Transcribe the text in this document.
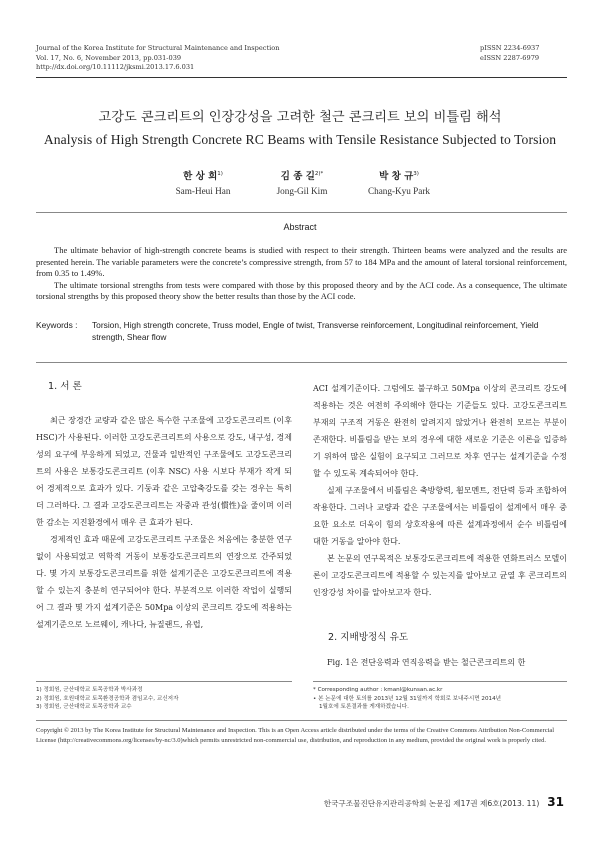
Journal of the Korea Institute for Structural Maintenance and Inspection
Vol. 17, No. 6, November 2013, pp.031-039
http://dx.doi.org/10.11112/jksmi.2013.17.6.031
pISSN 2234-6937
eISSN 2287-6979
고강도 콘크리트의 인장강성을 고려한 철근 콘크리트 보의 비틀림 해석
Analysis of High Strength Concrete RC Beams with Tensile Resistance Subjected to Torsion
한 상 희$^{1)}$
Sam-Heui Han
김 종 길$^{2)*}$
Jong-Gil Kim
박 창 규$^{3)}$
Chang-Kyu Park
Abstract

The ultimate behavior of high-strength concrete beams is studied with respect to their strength. Thirteen beams were analyzed and the results are presented herein. The variable parameters were the concrete’s compressive strength, from 57 to 184 MPa and the amount of lateral torsional reinforcement, from 0.35 to 1.49%.

The ultimate torsional strengths from tests were compared with those by this proposed theory and by the ACI code. As a consequence, The ultimate torsional strengths by this proposed theory show the better results than those by the ACI code.

Keywords :	Torsion, High strength concrete, Truss model, Engle of twist, Transverse reinforcement, Longitudinal reinforcement, Yield strength, Shear flow
1. 서 론

최근 장경간 교량과 같은 많은 특수한 구조물에 고강도콘크리트 (이후 HSC)가 사용된다. 이러한 고강도콘크리트의 사용으로 강도, 내구성, 경제성의 요구에 부응하게 되었고, 건물과 일반적인 구조물에도 고강도콘크리트의 사용은 보통강도콘크리트 (이후 NSC) 사용 시보다 부재가 작게 되어 경제적으로 효과가 있다. 기둥과 같은 고압축강도를 갖는 경우는 특히 더 그러하다. 그 결과 고강도콘크리트는 자중과 관성(慣性)을 줄이며 이러한 감소는 지진환경에서 매우 큰 효과가 된다.

경제적인 효과 때문에 고강도콘크리트 구조물은 처음에는 충분한 연구 없이 사용되었고 역학적 거동이 보통강도콘크리트의 연장으로 간주되었다. 몇 가지 보통강도콘크리트를 위한 설계기준은 고강도콘크리트에 적용할 수 있는지 충분히 연구되어야 한다. 부분적으로 이러한 작업이 실행되어 그 결과 몇 가지 설계기준은 50Mpa 이상의 콘크리트 강도에 적용하는 설계기준으로 노르웨이, 캐나다, 뉴질랜드, 유럽,

ACI 설계기준이다. 그럼에도 불구하고 50Mpa 이상의 콘크리트 강도에 적용하는 것은 여전히 주의해야 한다는 기준들도 있다. 고강도콘크리트 부재의 구조적 거동은 완전히 알려지지 않았거나 완전히 모르는 부분이 존재한다. 비틀림을 받는 보의 경우에 대한 새로운 기준은 이론을 입증하기 위하여 많은 실험이 요구되고 그러므로 차후 연구는 설계기준을 수정할 수 있도록 계속되어야 한다.

실제 구조물에서 비틀림은 축방향력, 휨모멘트, 전단력 등과 조합하여 작용한다. 그러나 교량과 같은 구조물에서는 비틀림이 설계에서 매우 중요한 요소로 더욱이 힘의 상호작용에 따른 설계과정에서 순수 비틀림에 대한 거동을 알아야 한다.

본 논문의 연구목적은 보통강도콘크리트에 적용한 연화트러스 모델이론이 고강도콘크리트에 적용할 수 있는지를 알아보고 균열 후 콘크리트의 인장강성 차이를 알아보고자 한다.

2. 지배방정식 유도

Fig. 1은 전단응력과 연직응력을 받는 철근콘크리트의 한

1) 정회원, 군산대학교 토목공학과 박사과정
2) 정회원, 호원대학교 토목환경공학과 겸임교수, 교신저자
3) 정회원, 군산대학교 토목공학과 교수
* Corresponding author : kmanl@kunsan.ac.kr
• 본 논문에 대한 토의를 2013년 12월 31일까지 학회로 보내주시면 2014년
1월호에 토론결과를 게재하겠습니다.
Copyright © 2013 by The Korea Institute for Structural Maintenance and Inspection. This is an Open Access article distributed under the terms of the Creative Commons Attribution Non-Commercial License (http://creativecommons.org/licenses/by-nc/3.0)which permits unrestricted non-commercial use, distribution, and reproduction in any medium, provided the original work is properly cited.
한국구조물진단유지관리공학회 논문집 제17권 제6호(2013. 11) 31
